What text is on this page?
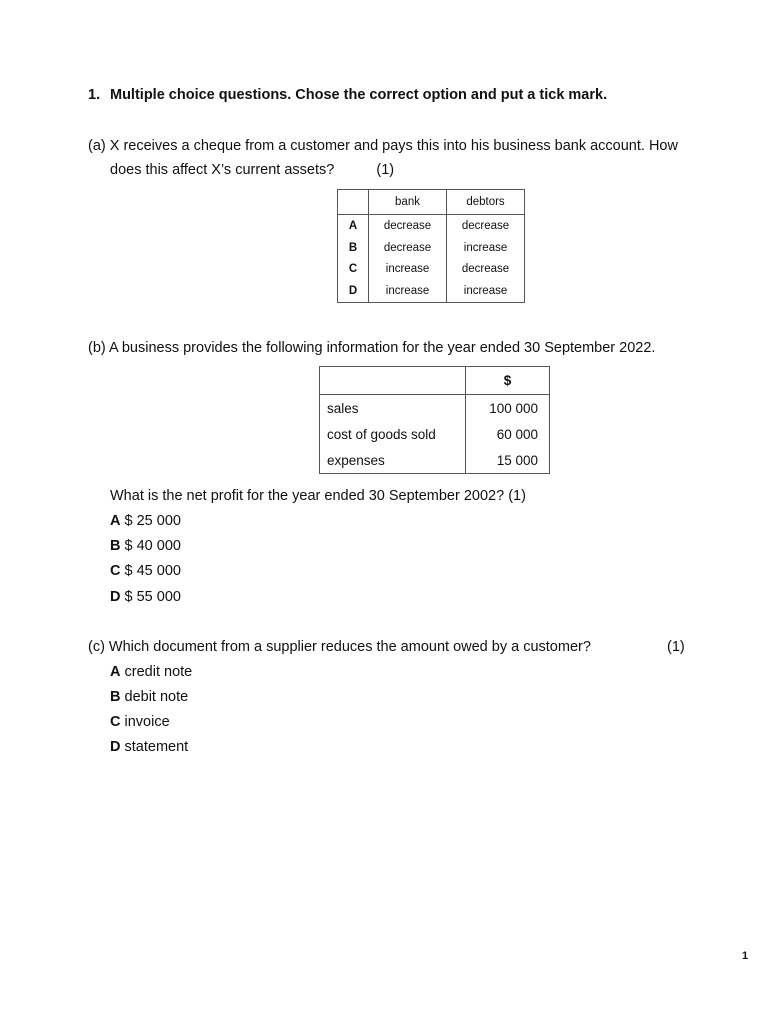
1. Multiple choice questions. Chose the correct option and put a tick mark.
(a) X receives a cheque from a customer and pays this into his business bank account. How
does this affect X’s current assets?	(1)
	bank	debtors
A	decrease	decrease
B	decrease	increase
C	increase	decrease
D	increase	increase
(b) A business provides the following information for the year ended 30 September 2022.
	$
sales	100 000
cost of goods sold	60 000
expenses	15 000
What is the net profit for the year ended 30 September 2002? (1)
A $ 25 000
B $ 40 000
C $ 45 000
D $ 55 000
(c) Which document from a supplier reduces the amount owed by a customer?	(1)
A credit note
B debit note
C invoice
D statement
1
